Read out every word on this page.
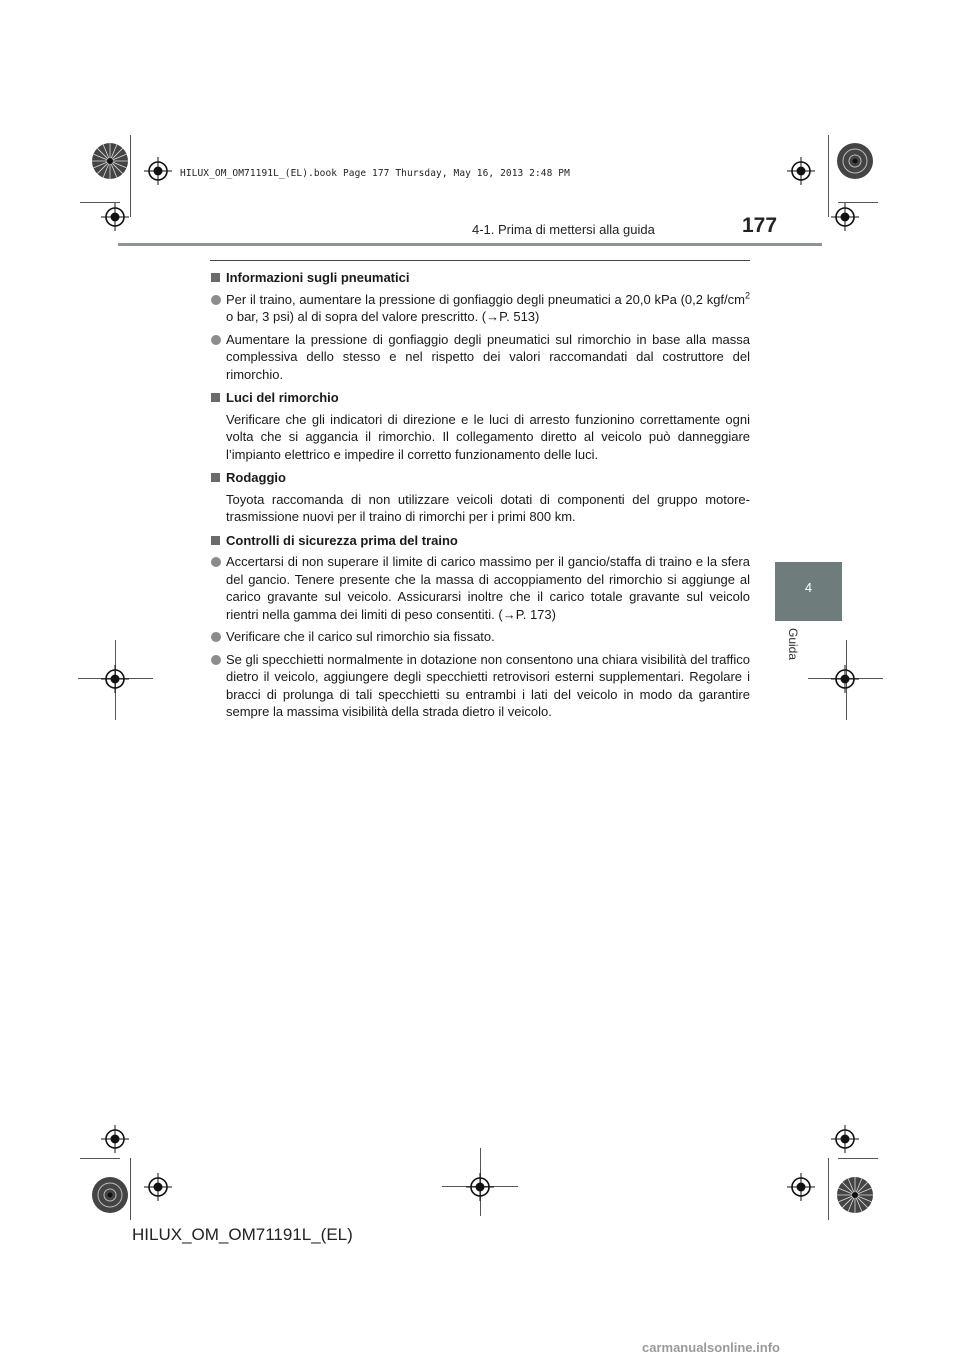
HILUX_OM_OM71191L_(EL).book Page 177 Thursday, May 16, 2013 2:48 PM
4-1. Prima di mettersi alla guida	177
4
Guida
Informazioni sugli pneumatici
Per il traino, aumentare la pressione di gonfiaggio degli pneumatici a 20,0 kPa (0,2 kgf/$cm^2$ o bar, 3 psi) al di sopra del valore prescritto. (→P. 513)
Aumentare la pressione di gonfiaggio degli pneumatici sul rimorchio in base alla massa complessiva dello stesso e nel rispetto dei valori raccomandati dal costruttore del rimorchio.
Luci del rimorchio
Verificare che gli indicatori di direzione e le luci di arresto funzionino correttamente ogni volta che si aggancia il rimorchio. Il collegamento diretto al veicolo può danneggiare l’impianto elettrico e impedire il corretto funzionamento delle luci.
Rodaggio
Toyota raccomanda di non utilizzare veicoli dotati di componenti del gruppo motore-trasmissione nuovi per il traino di rimorchi per i primi 800 km.
Controlli di sicurezza prima del traino
Accertarsi di non superare il limite di carico massimo per il gancio/staffa di traino e la sfera del gancio. Tenere presente che la massa di accoppiamento del rimorchio si aggiunge al carico gravante sul veicolo. Assicurarsi inoltre che il carico totale gravante sul veicolo rientri nella gamma dei limiti di peso consentiti. (→P. 173)
Verificare che il carico sul rimorchio sia fissato.
Se gli specchietti normalmente in dotazione non consentono una chiara visibilità del traffico dietro il veicolo, aggiungere degli specchietti retrovisori esterni supplementari. Regolare i bracci di prolunga di tali specchietti su entrambi i lati del veicolo in modo da garantire sempre la massima visibilità della strada dietro il veicolo.
HILUX_OM_OM71191L_(EL)
carmanualsonline.info
